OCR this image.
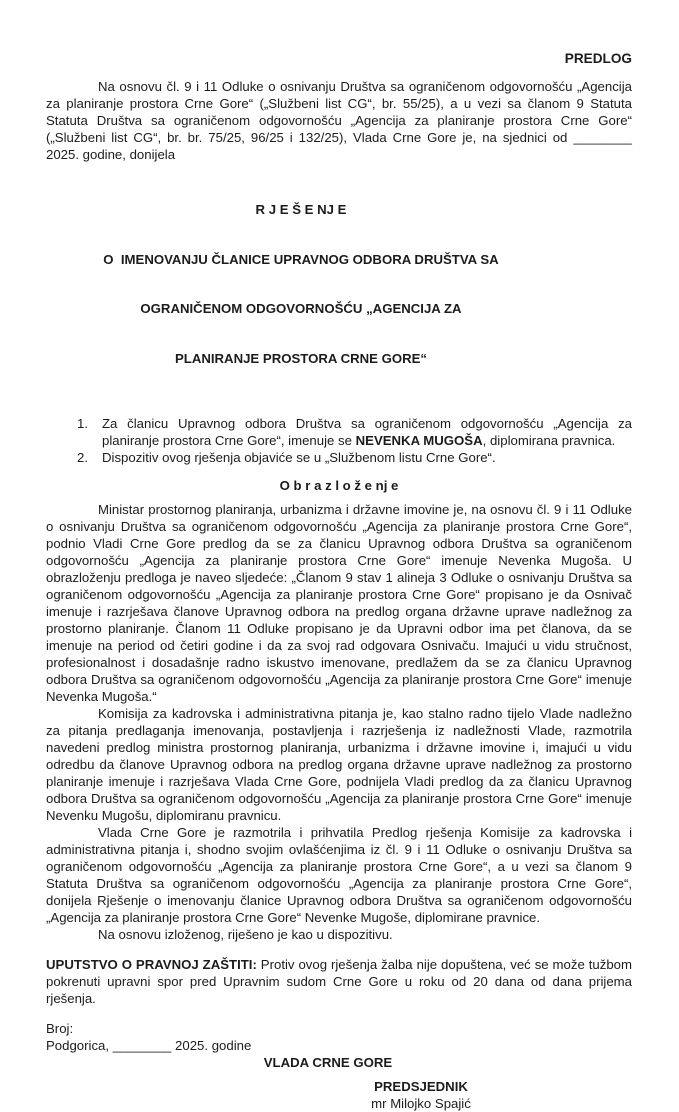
PREDLOG

Na osnovu čl. 9 i 11 Odluke o osnivanju Društva sa ograničenom odgovornošću „Agencija za planiranje prostora Crne Gore“ („Službeni list CG“, br. 55/25), a u vezi sa članom 9 Statuta Statuta Društva sa ograničenom odgovornošću „Agencija za planiranje prostora Crne Gore“ („Službeni list CG“, br. br. 75/25, 96/25 i 132/25), Vlada Crne Gore je, na sjednici od ________ 2025. godine, donijela

R J E Š E NJ E

O  IMENOVANJU ČLANICE UPRAVNOG ODBORA DRUŠTVA SA

OGRANIČENOM ODGOVORNOŠĆU „AGENCIJA ZA

PLANIRANJE PROSTORA CRNE GORE“

1.	Za članicu Upravnog odbora Društva sa ograničenom odgovornošću „Agencija za planiranje prostora Crne Gore“, imenuje se NEVENKA MUGOŠA, diplomirana pravnica.
2.	Dispozitiv ovog rješenja objaviće se u „Službenom listu Crne Gore“.
O b r a z l o ž e nj e

Ministar prostornog planiranja, urbanizma i državne imovine je, na osnovu čl. 9 i 11 Odluke o osnivanju Društva sa ograničenom odgovornošću „Agencija za planiranje prostora Crne Gore“, podnio Vladi Crne Gore predlog da se za članicu Upravnog odbora Društva sa ograničenom odgovornošću „Agencija za planiranje prostora Crne Gore“ imenuje Nevenka Mugoša. U obrazloženju predloga je naveo sljedeće: „Članom 9 stav 1 alineja 3 Odluke o osnivanju Društva sa ograničenom odgovornošću „Agencija za planiranje prostora Crne Gore“ propisano je da Osnivač imenuje i razrješava članove Upravnog odbora na predlog organa državne uprave nadležnog za prostorno planiranje. Članom 11 Odluke propisano je da Upravni odbor ima pet članova, da se imenuje na period od četiri godine i da za svoj rad odgovara Osnivaču. Imajući u vidu stručnost, profesionalnost i dosadašnje radno iskustvo imenovane, predlažem da se za članicu Upravnog odbora Društva sa ograničenom odgovornošću „Agencija za planiranje prostora Crne Gore“ imenuje Nevenka Mugoša.“

Komisija za kadrovska i administrativna pitanja je, kao stalno radno tijelo Vlade nadležno za pitanja predlaganja imenovanja, postavljenja i razrješenja iz nadležnosti Vlade, razmotrila navedeni predlog ministra prostornog planiranja, urbanizma i državne imovine i, imajući u vidu odredbu da članove Upravnog odbora na predlog organa državne uprave nadležnog za prostorno planiranje imenuje i razrješava Vlada Crne Gore, podnijela Vladi predlog da za članicu Upravnog odbora Društva sa ograničenom odgovornošću „Agencija za planiranje prostora Crne Gore“ imenuje Nevenku Mugošu, diplomiranu pravnicu.

Vlada Crne Gore je razmotrila i prihvatila Predlog rješenja Komisije za kadrovska i administrativna pitanja i, shodno svojim ovlašćenjima iz čl. 9 i 11 Odluke o osnivanju Društva sa ograničenom odgovornošću „Agencija za planiranje prostora Crne Gore“, a u vezi sa članom 9 Statuta Društva sa ograničenom odgovornošću „Agencija za planiranje prostora Crne Gore“, donijela Rješenje o imenovanju članice Upravnog odbora Društva sa ograničenom odgovornošću „Agencija za planiranje prostora Crne Gore“ Nevenke Mugoše, diplomirane pravnice.

Na osnovu izloženog, riješeno je kao u dispozitivu.

UPUTSTVO O PRAVNOJ ZAŠTITI: Protiv ovog rješenja žalba nije dopuštena, već se može tužbom pokrenuti upravni spor pred Upravnim sudom Crne Gore u roku od 20 dana od dana prijema rješenja.

Broj:
Podgorica, ________ 2025. godine
VLADA CRNE GORE
PREDSJEDNIK
mr Milojko Spajić
